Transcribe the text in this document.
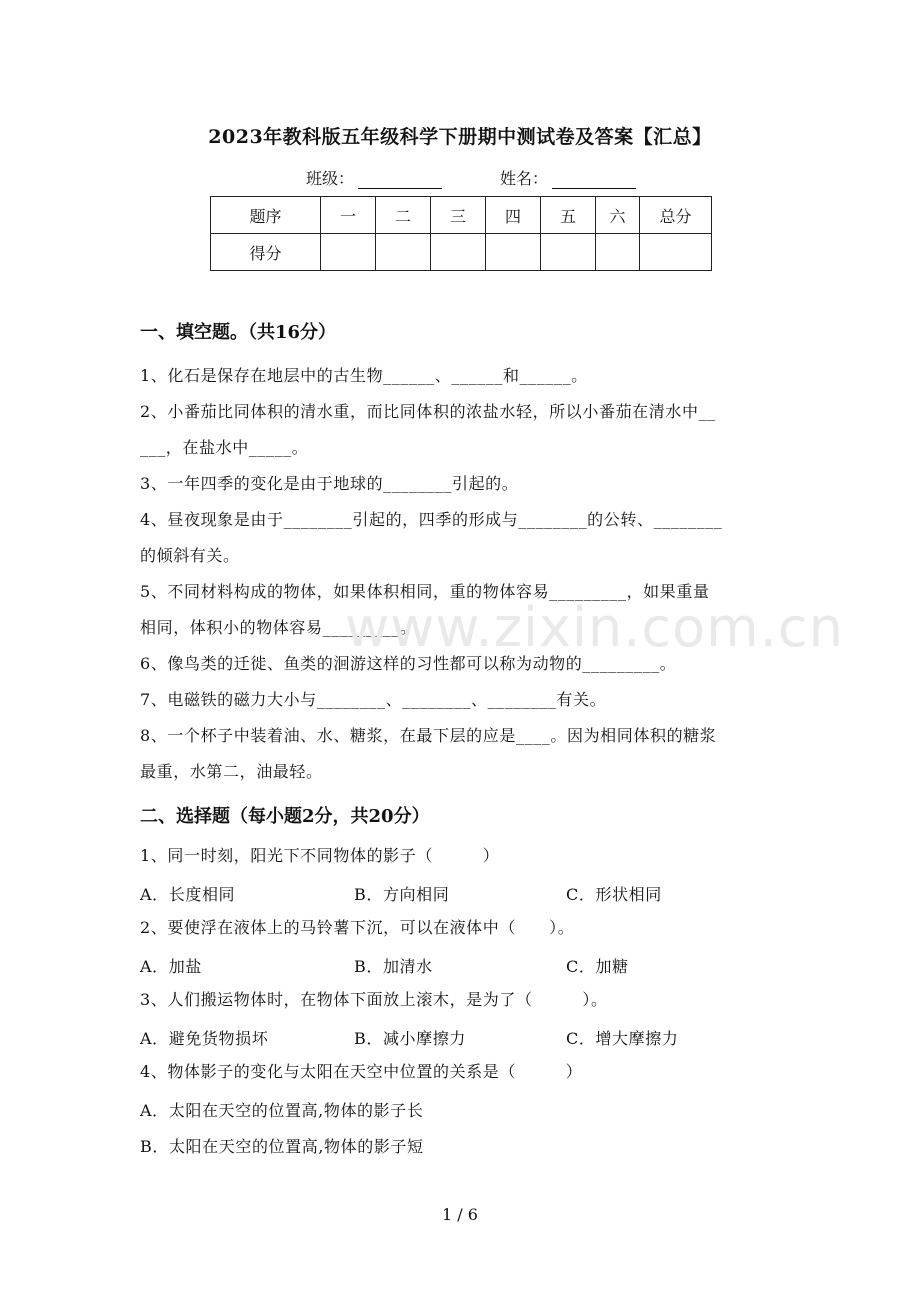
2023年教科版五年级科学下册期中测试卷及答案【汇总】
班级：	姓名：
题序	一	二	三	四	五	六	总分
得分							
一、填空题。（共16分）
1、化石是保存在地层中的古生物______、______和______。
2、小番茄比同体积的清水重，而比同体积的浓盐水轻，所以小番茄在清水中__
___，在盐水中_____。
3、一年四季的变化是由于地球的________引起的。
4、昼夜现象是由于________引起的，四季的形成与________的公转、________
的倾斜有关。
5、不同材料构成的物体，如果体积相同，重的物体容易_________，如果重量
相同，体积小的物体容易_________。
6、像鸟类的迁徙、鱼类的洄游这样的习性都可以称为动物的_________。
7、电磁铁的磁力大小与________、________、________有关。
8、一个杯子中装着油、水、糖浆，在最下层的应是____。因为相同体积的糖浆
最重，水第二，油最轻。
二、选择题（每小题2分，共20分）
1、同一时刻，阳光下不同物体的影子（　　　）
A．长度相同	B．方向相同	C．形状相同
2、要使浮在液体上的马铃薯下沉，可以在液体中（　　）。
A．加盐	B．加清水	C．加糖
3、人们搬运物体时，在物体下面放上滚木，是为了（　　　）。
A．避免货物损坏	B．减小摩擦力	C．增大摩擦力
4、物体影子的变化与太阳在天空中位置的关系是（　　　）
A．太阳在天空的位置高,物体的影子长
B．太阳在天空的位置高,物体的影子短
www.zixin.com.cn
1 / 6
